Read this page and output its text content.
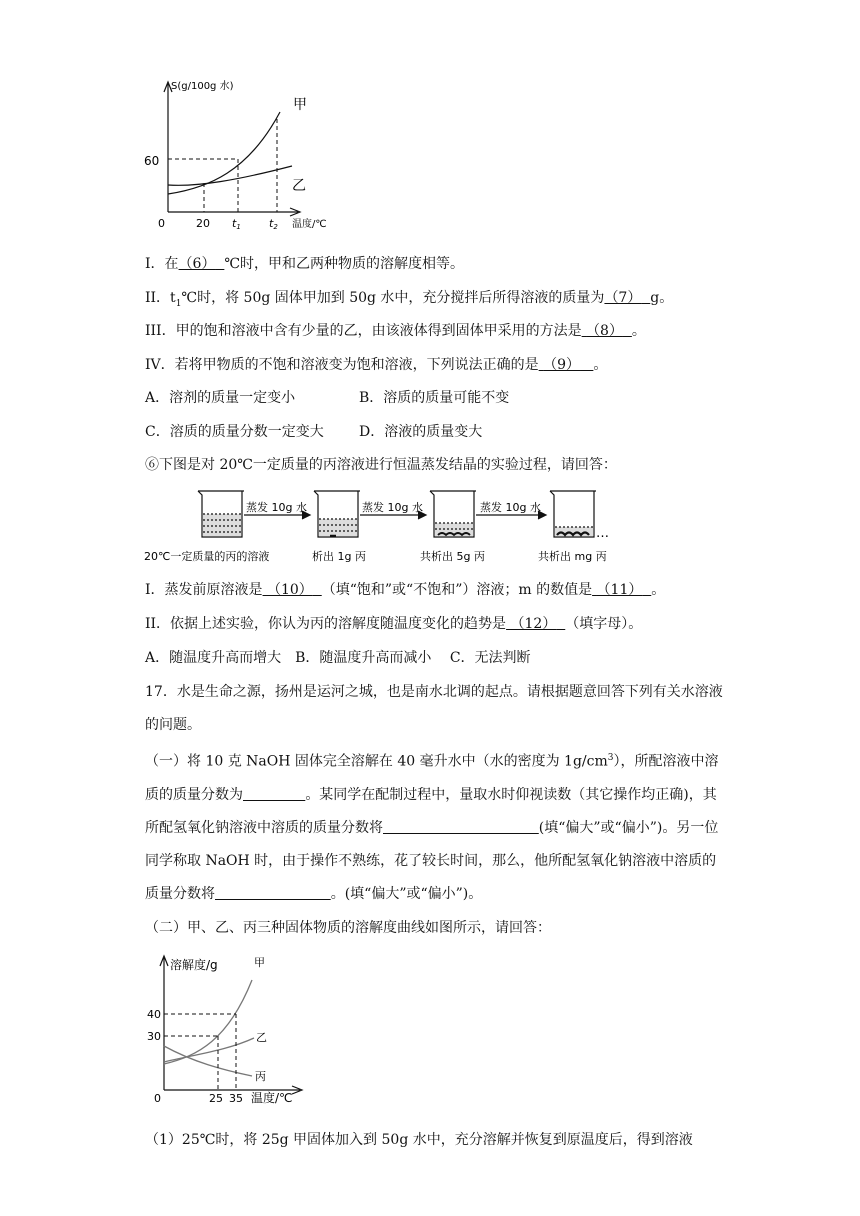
S(g/100g 水)
60
0	20 t1	t2 温度/℃
甲
乙
I．在（6） ℃时，甲和乙两种物质的溶解度相等。
II．$t_1℃$时，将 50g 固体甲加到 50g 水中，充分搅拌后所得溶液的质量为（7） g。
III．甲的饱和溶液中含有少量的乙，由该液体得到固体甲采用的方法是 （8） 。
IV．若将甲物质的不饱和溶液变为饱和溶液，下列说法正确的是 （9） 。
A．溶剂的质量一定变小	B．溶质的质量可能不变
C．溶质的质量分数一定变大	D．溶液的质量变大
⑥下图是对 20℃一定质量的丙溶液进行恒温蒸发结晶的实验过程，请回答：
蒸发 10g 水	蒸发 10g 水	蒸发 10g 水
…
20℃一定质量的丙的溶液	析出 1g 丙	共析出 5g 丙	共析出 mg 丙
I．蒸发前原溶液是 （10） （填“饱和”或“不饱和”）溶液；m 的数值是 （11） 。
II．依据上述实验，你认为丙的溶解度随温度变化的趋势是 （12） （填字母）。
A．随温度升高而增大　B．随温度升高而减小　 C．无法判断
17．水是生命之源，扬州是运河之城，也是南水北调的起点。请根据题意回答下列有关水溶液的问题。
（一）将 10 克 NaOH 固体完全溶解在 40 毫升水中（水的密度为 $1g/cm^3$），所配溶液中溶质的质量分数为	。某同学在配制过程中，量取水时仰视读数（其它操作均正确)，其所配氢氧化钠溶液中溶质的质量分数将	(填“偏大”或“偏小”)。另一位同学称取 NaOH 时，由于操作不熟练，花了较长时间，那么，他所配氢氧化钠溶液中溶质的质量分数将	。(填“偏大”或“偏小”)。
（二）甲、乙、丙三种固体物质的溶解度曲线如图所示，请回答：
溶解度/g
40
30
0	25 35 温度/℃
甲
乙
丙
（1）25℃时，将 25g 甲固体加入到 50g 水中，充分溶解并恢复到原温度后，得到溶液
